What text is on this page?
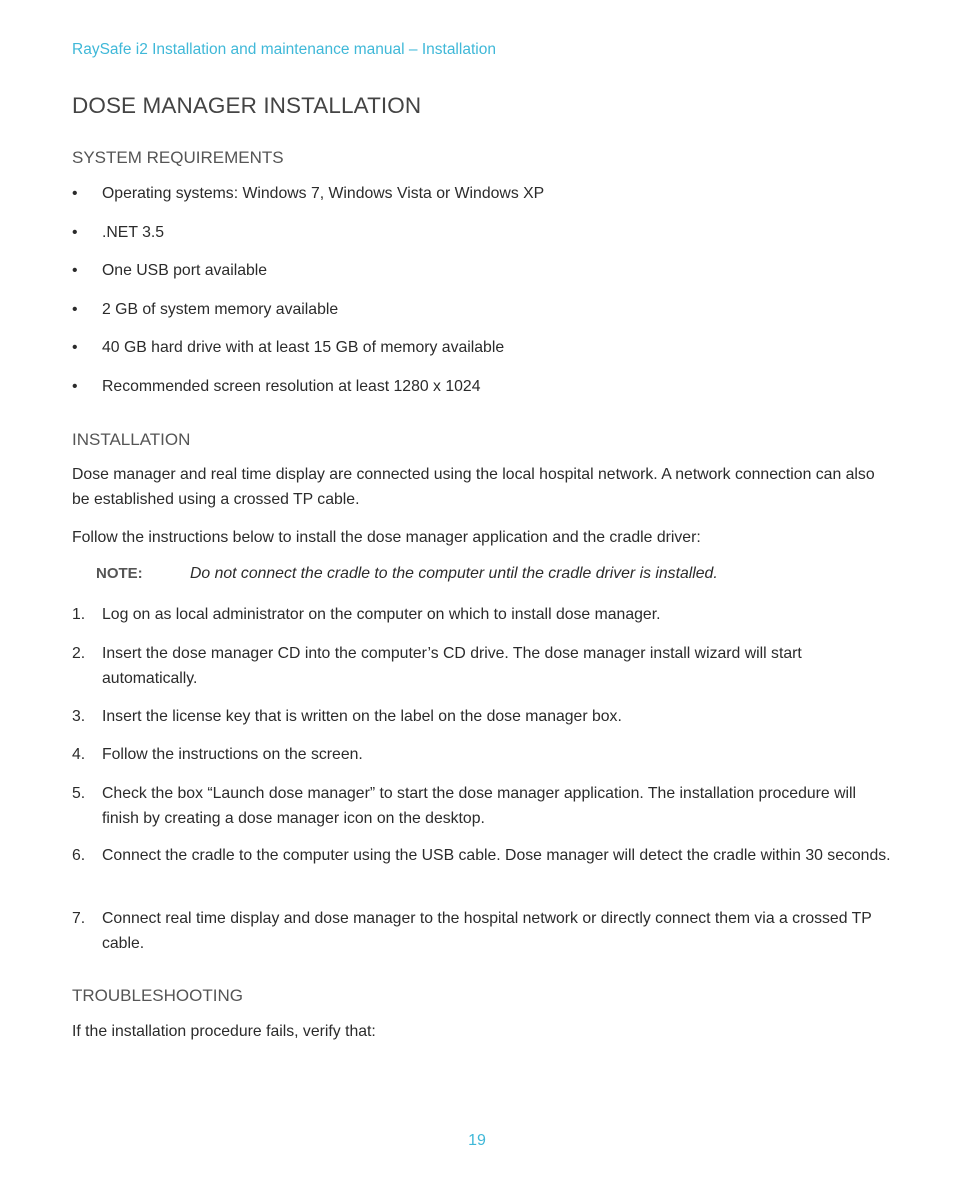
RaySafe i2 Installation and maintenance manual – Installation
DOSE MANAGER INSTALLATION
SYSTEM REQUIREMENTS
• Operating systems: Windows 7, Windows Vista or Windows XP
• .NET 3.5
• One USB port available
• 2 GB of system memory available
• 40 GB hard drive with at least 15 GB of memory available
• Recommended screen resolution at least 1280 x 1024
INSTALLATION

Dose manager and real time display are connected using the local hospital network. A network connection can also be established using a crossed TP cable.

Follow the instructions below to install the dose manager application and the cradle driver:

NOTE:	Do not connect the cradle to the computer until the cradle driver is installed.
1. Log on as local administrator on the computer on which to install dose manager.
2. Insert the dose manager CD into the computer’s CD drive. The dose manager install wizard will start automatically.
3. Insert the license key that is written on the label on the dose manager box.
4. Follow the instructions on the screen.
5. Check the box “Launch dose manager” to start the dose manager application. The installation procedure will finish by creating a dose manager icon on the desktop.
6. Connect the cradle to the computer using the USB cable. Dose manager will detect the cradle within 30 seconds.
7. Connect real time display and dose manager to the hospital network or directly connect them via a crossed TP cable.
TROUBLESHOOTING

If the installation procedure fails, verify that:

19
